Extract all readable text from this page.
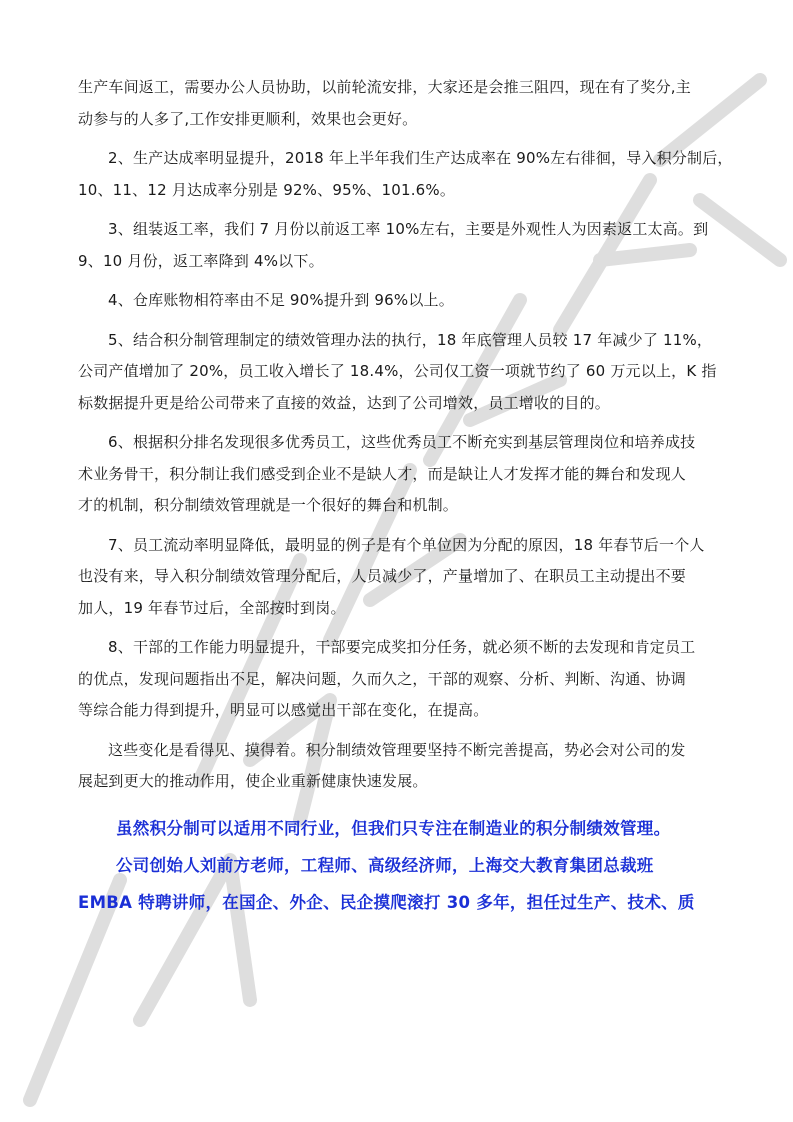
生产车间返工，需要办公人员协助，以前轮流安排，大家还是会推三阻四，现在有了奖分,主
动参与的人多了,工作安排更顺利，效果也会更好。
2、生产达成率明显提升，2018 年上半年我们生产达成率在 90%左右徘徊，导入积分制后，
10、11、12 月达成率分别是 92%、95%、101.6%。
3、组装返工率，我们 7 月份以前返工率 10%左右，主要是外观性人为因素返工太高。到
9、10 月份，返工率降到 4%以下。
4、仓库账物相符率由不足 90%提升到 96%以上。
5、结合积分制管理制定的绩效管理办法的执行，18 年底管理人员较 17 年减少了 11%，
公司产值增加了 20%，员工收入增长了 18.4%，公司仅工资一项就节约了 60 万元以上，K 指
标数据提升更是给公司带来了直接的效益，达到了公司增效，员工增收的目的。
6、根据积分排名发现很多优秀员工，这些优秀员工不断充实到基层管理岗位和培养成技
术业务骨干，积分制让我们感受到企业不是缺人才，而是缺让人才发挥才能的舞台和发现人
才的机制，积分制绩效管理就是一个很好的舞台和机制。
7、员工流动率明显降低，最明显的例子是有个单位因为分配的原因，18 年春节后一个人
也没有来，导入积分制绩效管理分配后，人员减少了，产量增加了、在职员工主动提出不要
加人，19 年春节过后，全部按时到岗。
8、干部的工作能力明显提升，干部要完成奖扣分任务，就必须不断的去发现和肯定员工
的优点，发现问题指出不足，解决问题，久而久之，干部的观察、分析、判断、沟通、协调
等综合能力得到提升，明显可以感觉出干部在变化，在提高。
这些变化是看得见、摸得着。积分制绩效管理要坚持不断完善提高，势必会对公司的发
展起到更大的推动作用，使企业重新健康快速发展。
虽然积分制可以适用不同行业，但我们只专注在制造业的积分制绩效管理。
公司创始人刘前方老师，工程师、高级经济师，上海交大教育集团总裁班
EMBA 特聘讲师，在国企、外企、民企摸爬滚打 30 多年，担任过生产、技术、质
